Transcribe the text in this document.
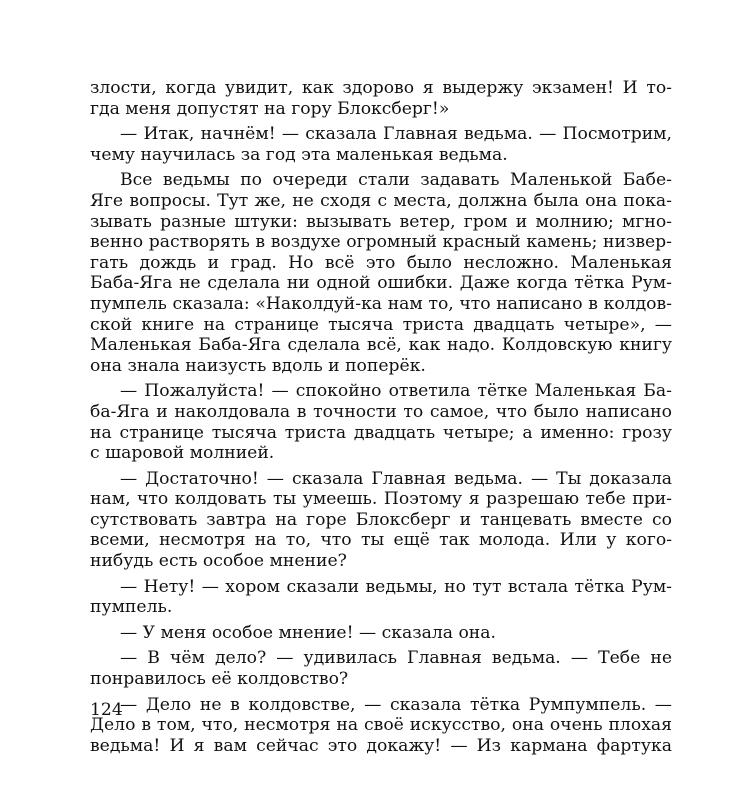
злости, когда увидит, как здорово я выдержу экзамен! И то-
гда меня допустят на гору Блоксберг!»
— Итак, начнём! — сказала Главная ведьма. — Посмотрим,
чему научилась за год эта маленькая ведьма.
Все ведьмы по очереди стали задавать Маленькой Бабе-
Яге вопросы. Тут же, не сходя с места, должна была она пока-
зывать разные штуки: вызывать ветер, гром и молнию; мгно-
венно растворять в воздухе огромный красный камень; низвер-
гать дождь и град. Но всё это было несложно. Маленькая
Баба-Яга не сделала ни одной ошибки. Даже когда тётка Рум-
пумпель сказала: «Наколдуй-ка нам то, что написано в колдов-
ской книге на странице тысяча триста двадцать четыре», —
Маленькая Баба-Яга сделала всё, как надо. Колдовскую книгу
она знала наизусть вдоль и поперёк.
— Пожалуйста! — спокойно ответила тётке Маленькая Ба-
ба-Яга и наколдовала в точности то самое, что было написано
на странице тысяча триста двадцать четыре; а именно: грозу
с шаровой молнией.
— Достаточно! — сказала Главная ведьма. — Ты доказала
нам, что колдовать ты умеешь. Поэтому я разрешаю тебе при-
сутствовать завтра на горе Блоксберг и танцевать вместе со
всеми, несмотря на то, что ты ещё так молода. Или у кого-
нибудь есть особое мнение?
— Нету! — хором сказали ведьмы, но тут встала тётка Рум-
пумпель.
— У меня особое мнение! — сказала она.
— В чём дело? — удивилась Главная ведьма. — Тебе не
понравилось её колдовство?
— Дело не в колдовстве, — сказала тётка Румпумпель. —
Дело в том, что, несмотря на своё искусство, она очень плохая
ведьма! И я вам сейчас это докажу! — Из кармана фартука
124
